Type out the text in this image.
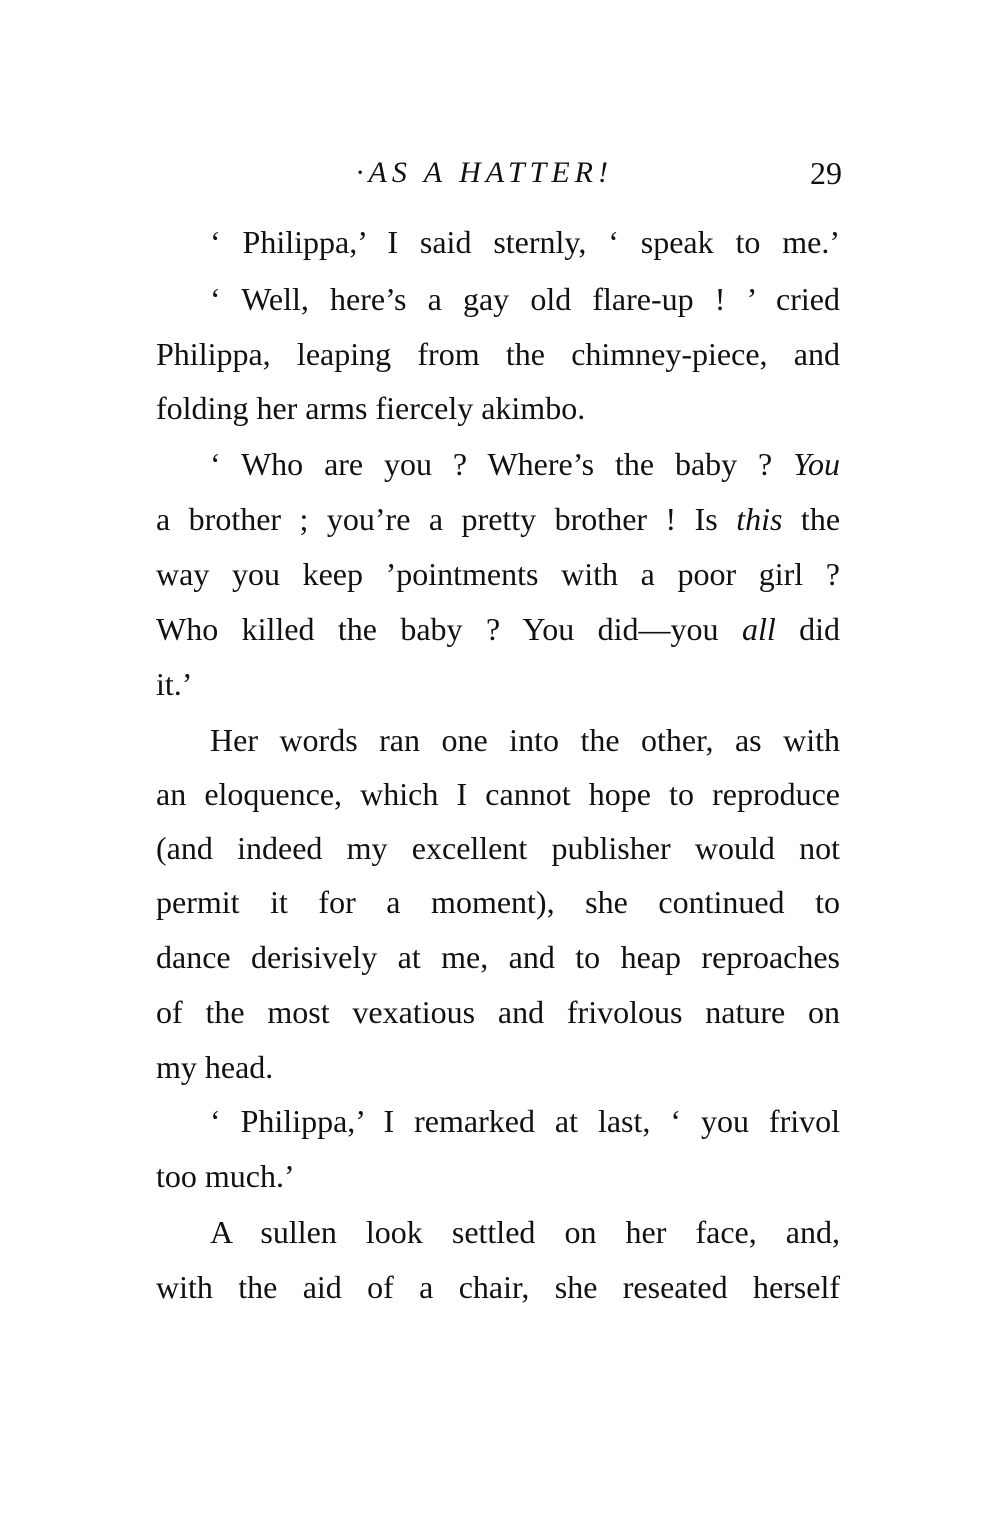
·AS A HATTER!	29
‘ Philippa,’ I said sternly, ‘ speak to me.’
‘ Well, here’s a gay old flare-up ! ’ cried
Philippa, leaping from the chimney-piece, and
folding her arms fiercely akimbo.
‘ Who are you ? Where’s the baby ? You
a brother ; you’re a pretty brother ! Is this the
way you keep ’pointments with a poor girl ?
Who killed the baby ? You did—you all did
it.’
Her words ran one into the other, as with
an eloquence, which I cannot hope to reproduce
(and indeed my excellent publisher would not
permit it for a moment), she continued to
dance derisively at me, and to heap reproaches
of the most vexatious and frivolous nature on
my head.
‘ Philippa,’ I remarked at last, ‘ you frivol
too much.’
A sullen look settled on her face, and,
with the aid of a chair, she reseated herself
